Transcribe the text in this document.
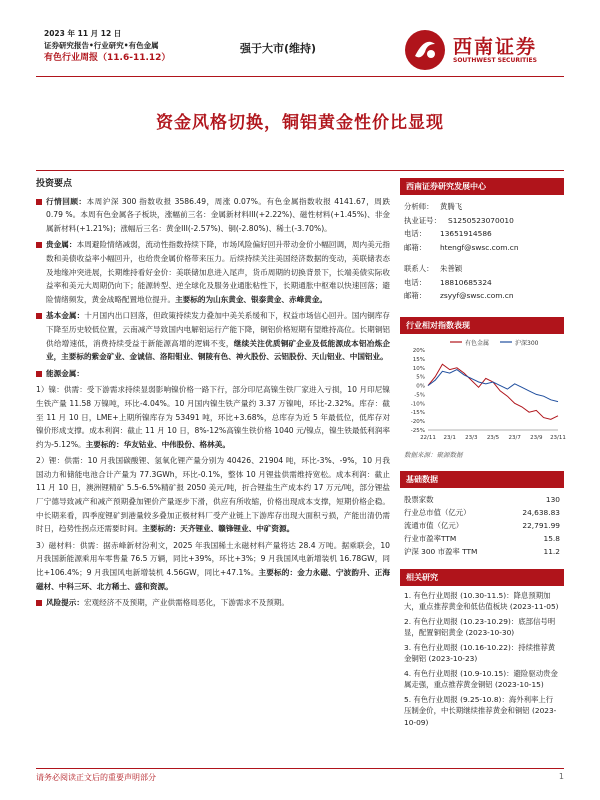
2023 年 11 月 12 日
证券研究报告•行业研究•有色金属
有色行业周报（11.6-11.12）
强于大市(维持)	西南证券
SOUTHWEST SECURITIES
资金风格切换，铜铝黄金性价比显现
投资要点
行情回顾：本周沪深 300 指数收报 3586.49，周涨 0.07%。有色金属指数收报 4141.67，周跌 0.79 %。本周有色金属各子板块，涨幅前三名：金属新材料III(+2.22%)、磁性材料(+1.45%)、非金属新材料(+1.21%)；涨幅后三名：黄金III(-2.57%)、铜(-2.80%)、稀土(-3.70%)。
贵金属：本周避险情绪减弱，流动性指数持续下降，市场风险偏好回升带动金价小幅回调，周内美元指数和美债收益率小幅回升，也给贵金属价格带来压力。后续持续关注美国经济数据的变动，美联储表态及地缘冲突进展，长期维持看好金价：美联储加息进入尾声，货币周期的切换背景下，长端美债实际收益率和美元大周期仍向下；能源转型、逆全球化及服务业通胀粘性下，长期通胀中枢难以快速回落；避险情绪频发，黄金战略配置地位提升。主要标的为山东黄金、银泰黄金、赤峰黄金。
基本金属：十月国内出口回落，但政策持续发力叠加中美关系缓和下，权益市场信心回升。国内铜库存下降至历史较低位置，云南减产导致国内电解铝运行产能下降，铜铝价格短期有望维持高位。长期铜铝供给增速低，消费持续受益于新能源高增的逻辑不变，继续关注优质铜矿企业及低能源成本铝冶炼企业，主要标的紫金矿业、金诚信、洛阳钼业、铜陵有色、神火股份、云铝股份、天山铝业、中国铝业。
能源金属：
1）镍：供需：受下游需求持续显弱影响镍价格一路下行，部分印尼高镍生铁厂家进入亏损，10 月印尼镍生铁产量 11.58 万镍吨，环比-4.04%。10 月国内镍生铁产量约 3.37 万镍吨，环比-2.32%。库存：截至 11 月 10 日，LME+上期所镍库存为 53491 吨，环比+3.68%，总库存为近 5 年最低位，低库存对镍价形成支撑。成本利润：截止 11 月 10 日，8%-12%高镍生铁价格 1040 元/镍点，镍生铁最低利润率约为-5.12%。主要标的：华友钴业、中伟股份、格林美。
2）锂：供需：10 月我国碳酸锂、氢氧化锂产量分别为 40426、21904 吨，环比-3%、-9%，10 月我国动力和储能电池合计产量为 77.3GWh，环比-0.1%，整体 10 月锂盐供需维持宽松。成本利润：截止 11 月 10 日，澳洲锂精矿 5.5-6.5%精矿报 2050 美元/吨，折合锂盐生产成本约 17 万元/吨，部分锂盐厂宁德导致减产和减产预期叠加锂价产量逐步下滑，供应有所收缩，价格出现成本支撑，短期价格企稳。中长期来看，四季度锂矿到港量较多叠加正极材料厂受产业链上下游库存出现大面积亏损，产能出清仍需时日，趋势性拐点还需要时间。主要标的：天齐锂业、赣锋锂业、中矿资源。
3）磁材料：供需：据赤峰新材汾利文，2025 年我国稀土永磁材料产量将达 28.4 万吨。据乘联会，10 月我国新能源乘用车零售量 76.5 万辆，同比+39%，环比+3%；9 月我国风电新增装机 16.78GW，同比+106.4%；9 月我国风电新增装机 4.56GW，同比+47.1%。主要标的：金力永磁、宁波韵升、正海磁材、中科三环、北方稀土、盛和资源。
风险提示：宏观经济不及预期，产业供需格局恶化，下游需求不及预期。
西南证券研究发展中心
分析师： 黄腾飞
执业证号： S1250523070010
电话： 13651914586
邮箱： htengf@swsc.com.cn
联系人： 朱善颖
电话： 18810685324
邮箱： zsyyf@swsc.com.cn
行业相对指数表现
有色金属	沪深300
20%
15%
10%
5%
0%
-5%
-10%
-15%
-20%
-25%
22/11 23/1 23/3 23/5 23/7 23/9 23/11
数据来源：聚源数据
基础数据
股票家数	130
行业总市值（亿元）	24,638.83
流通市值（亿元）	22,791.99
行业市盈率TTM	15.8
沪深 300 市盈率 TTM	11.2
相关研究
1. 有色行业周报 (10.30-11.5)：降息预期加大，重点推荐黄金和低估值板块 (2023-11-05)
2. 有色行业周报 (10.23-10.29)：底部信号明显，配置铜铝黄金 (2023-10-30)
3. 有色行业周报 (10.16-10.22)：持续推荐黄金铜铝 (2023-10-23)
4. 有色行业周报 (10.9-10.15)：避险驱动贵金属走强，重点推荐黄金铜铝 (2023-10-15)
5. 有色行业周报 (9.25-10.8)：海外利率上行压制金价，中长期继续推荐黄金和铜铝 (2023-10-09)
请务必阅读正文后的重要声明部分	1
